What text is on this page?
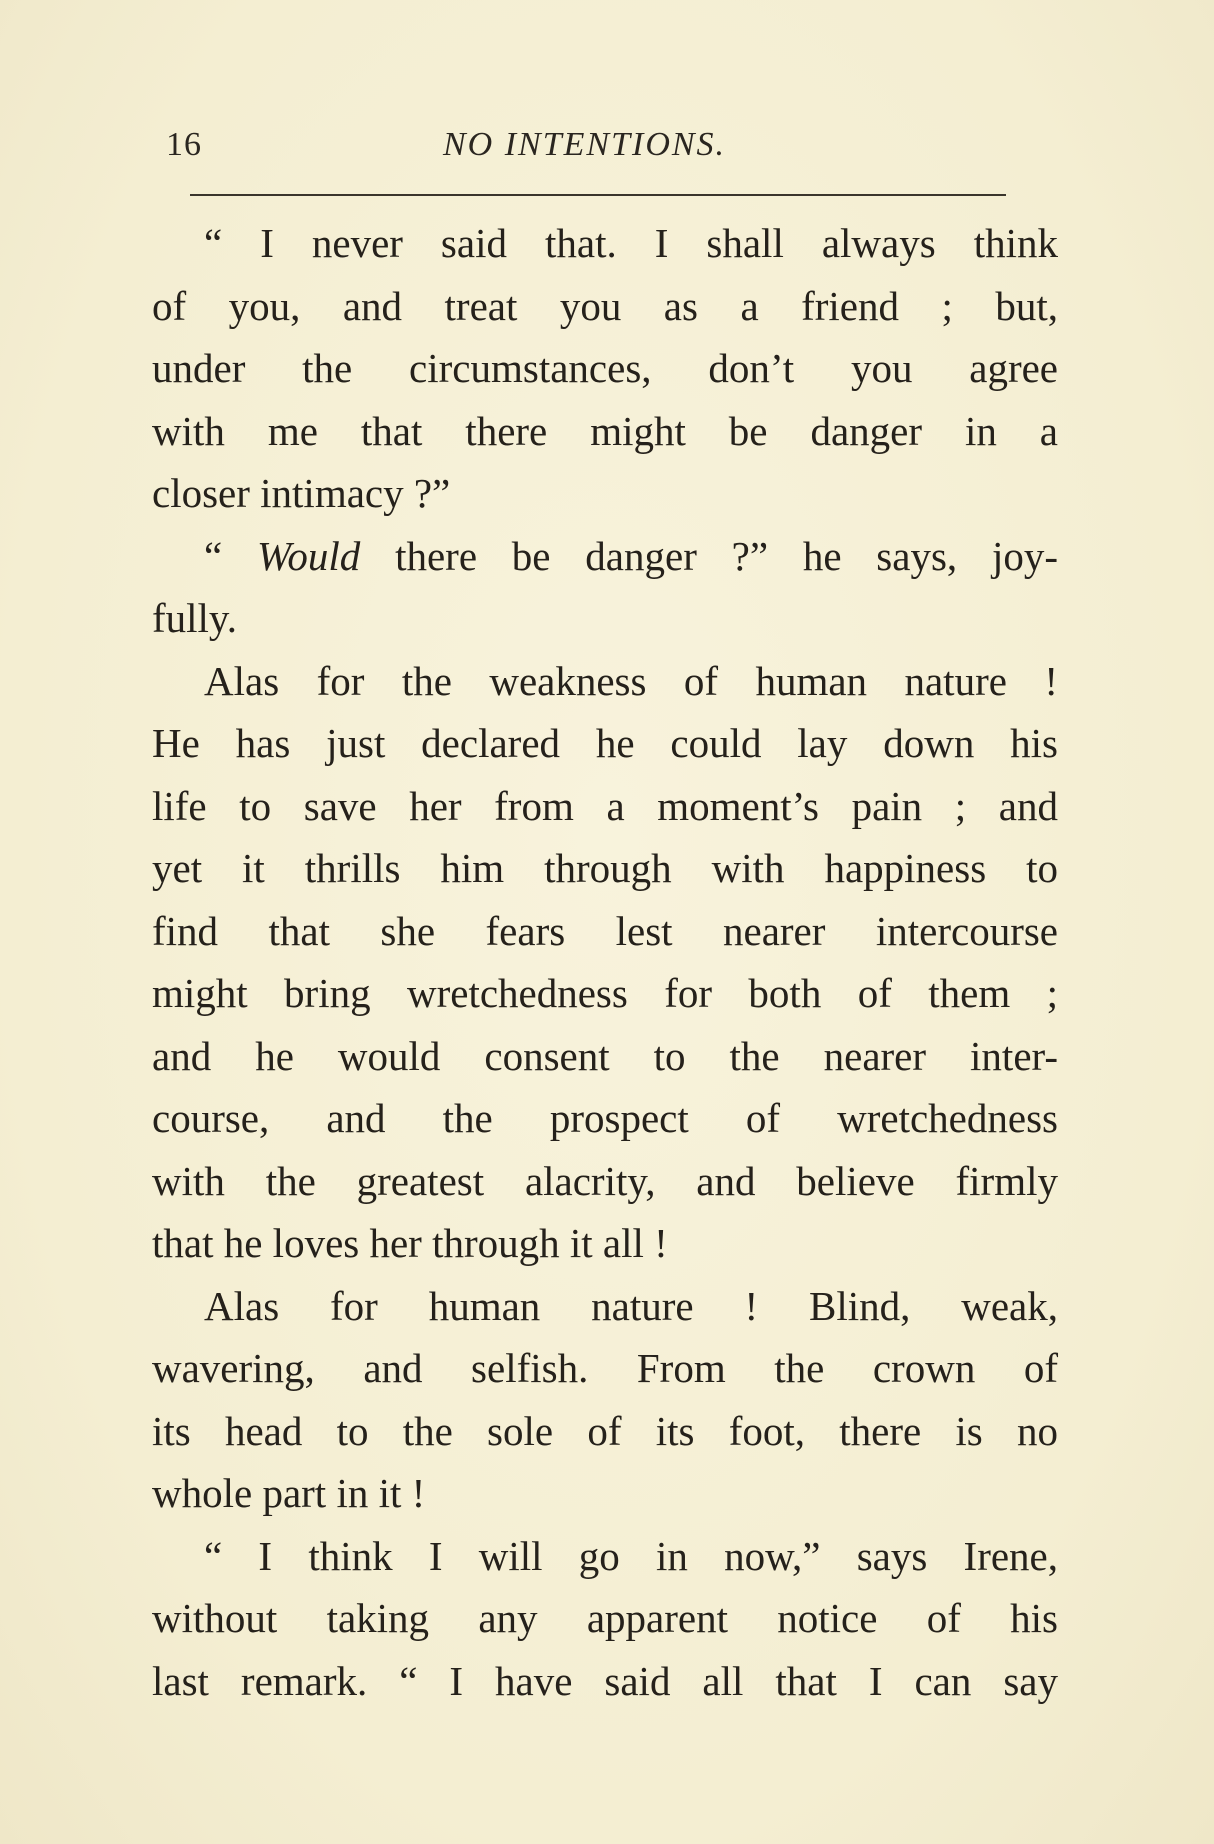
16	NO INTENTIONS.
“ I never said that. I shall always think
of you, and treat you as a friend ; but,
under the circumstances, don’t you agree
with me that there might be danger in a
closer intimacy ?”
“ Would there be danger ?” he says, joy-
fully.
Alas for the weakness of human nature !
He has just declared he could lay down his
life to save her from a moment’s pain ; and
yet it thrills him through with happiness to
find that she fears lest nearer intercourse
might bring wretchedness for both of them ;
and he would consent to the nearer inter-
course, and the prospect of wretchedness
with the greatest alacrity, and believe firmly
that he loves her through it all !
Alas for human nature ! Blind, weak,
wavering, and selfish. From the crown of
its head to the sole of its foot, there is no
whole part in it !
“ I think I will go in now,” says Irene,
without taking any apparent notice of his
last remark. “ I have said all that I can say
